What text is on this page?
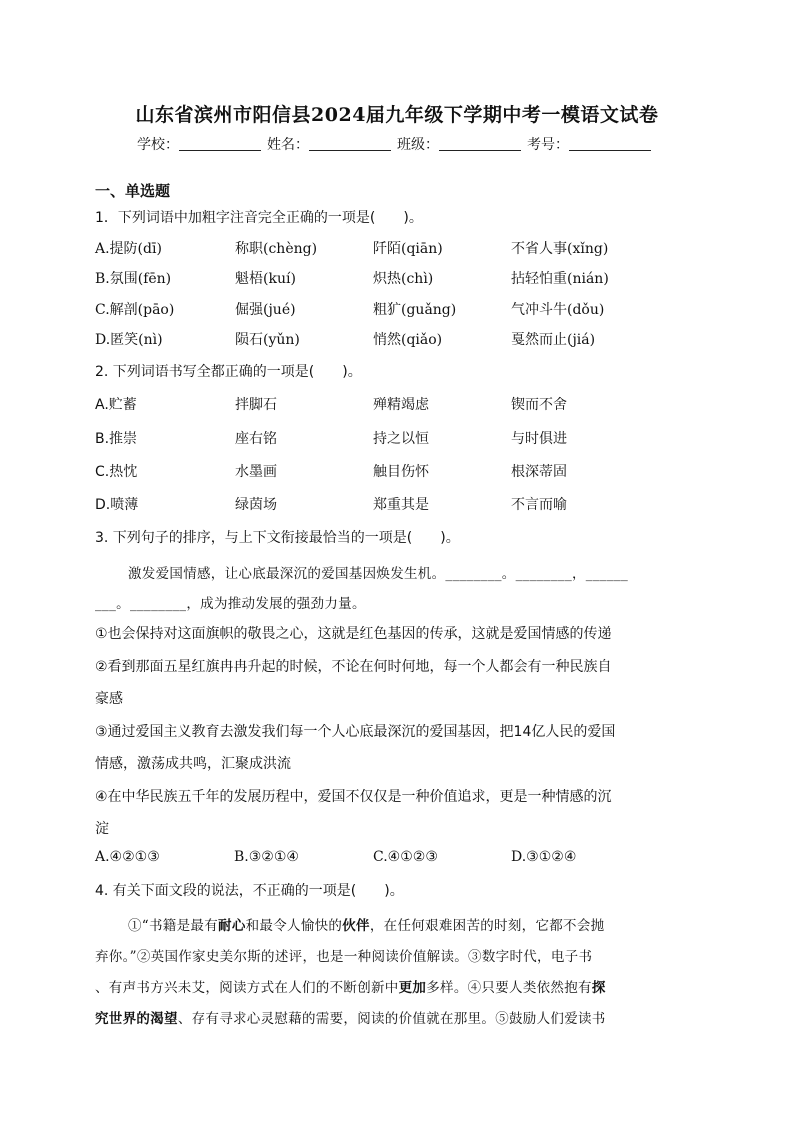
山东省滨州市阳信县2024届九年级下学期中考一模语文试卷
学校：	姓名：	班级：	考号：
一、单选题
1．下列词语中加粗字注音完全正确的一项是(　　)。
A.提防(dī)	称职(chèng)	阡陌(qiān)	不省人事(xǐng)
B.氛围(fēn)	魁梧(kuí)	炽热(chì)	拈轻怕重(nián)
C.解剖(pāo)	倔强(jué)	粗犷(guǎng)	气冲斗牛(dǒu)
D.匿笑(nì)	陨石(yǔn)	悄然(qiǎo)	戛然而止(jiá)
2. 下列词语书写全都正确的一项是(　　)。
A.贮蓄	拌脚石	殚精竭虑	锲而不舍
B.推崇	座右铭	持之以恒	与时俱进
C.热忱	水墨画	触目伤怀	根深蒂固
D.喷薄	绿茵场	郑重其是	不言而喻
3. 下列句子的排序，与上下文衔接最恰当的一项是(　　)。
激发爱国情感，让心底最深沉的爱国基因焕发生机。________。________，______
___。________，成为推动发展的强劲力量。
①也会保持对这面旗帜的敬畏之心，这就是红色基因的传承，这就是爱国情感的传递
②看到那面五星红旗冉冉升起的时候，不论在何时何地，每一个人都会有一种民族自
豪感
③通过爱国主义教育去激发我们每一个人心底最深沉的爱国基因，把14亿人民的爱国
情感，激荡成共鸣，汇聚成洪流
④在中华民族五千年的发展历程中，爱国不仅仅是一种价值追求，更是一种情感的沉
淀
A.④②①③	B.③②①④	C.④①②③	D.③①②④
4. 有关下面文段的说法，不正确的一项是(　　)。
①“书籍是最有耐心和最令人愉快的伙伴，在任何艰难困苦的时刻，它都不会抛
弃你。”②英国作家史美尔斯的述评，也是一种阅读价值解读。③数字时代，电子书
、有声书方兴未艾，阅读方式在人们的不断创新中更加多样。④只要人类依然抱有探
究世界的渴望、存有寻求心灵慰藉的需要，阅读的价值就在那里。⑤鼓励人们爱读书
